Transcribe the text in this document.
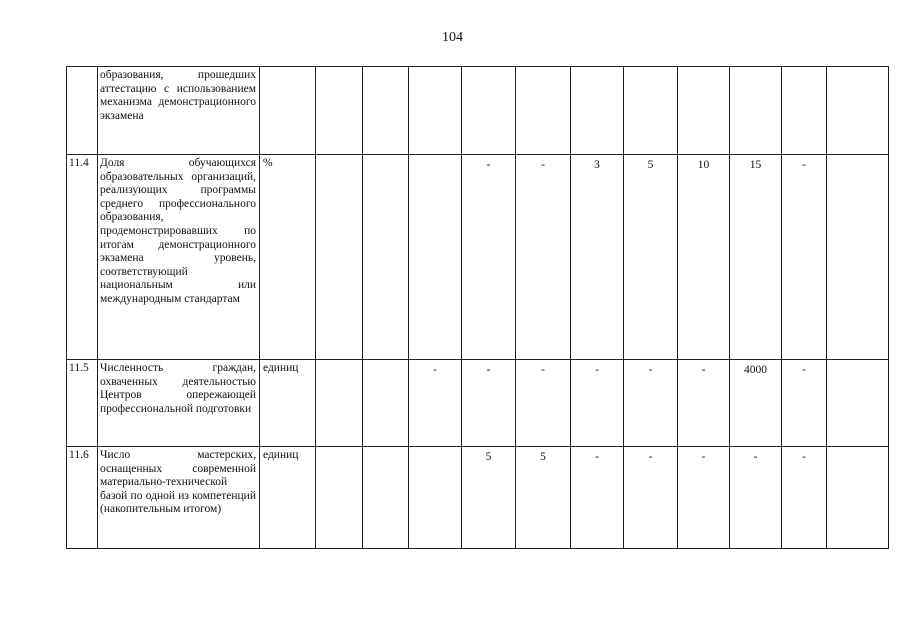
104
	образования, прошедших аттестацию с использованием механизма демонстрационного экзамена												
11.4	Доля обучающихся образовательных организаций, реализующих программы среднего профессионального образования, продемонстрировавших по итогам демонстрационного экзамена уровень, соответствующий национальным или международным стандартам	%				-	-	3	5	10	15	-	
11.5	Численность граждан, охваченных деятельностью Центров опережающей профессиональной подготовки	единиц			-	-	-	-	-	-	4000	-	
11.6	Число мастерских, оснащенных современной материально-технической базой по одной из компетенций (накопительным итогом)	единиц				5	5	-	-	-	-	-	
